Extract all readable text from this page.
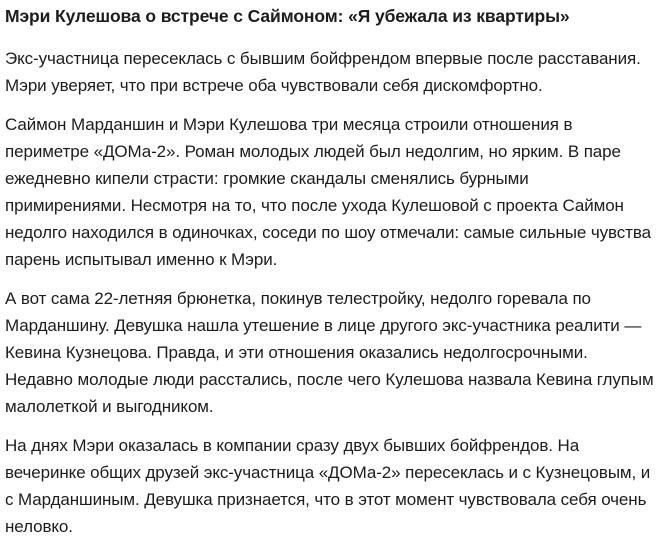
Мэри Кулешова о встрече с Саймоном: «Я убежала из квартиры»

Экс-участница пересеклась с бывшим бойфрендом впервые после расставания.
Мэри уверяет, что при встрече оба чувствовали себя дискомфортно.

Саймон Марданшин и Мэри Кулешова три месяца строили отношения в
периметре «ДОМа-2». Роман молодых людей был недолгим, но ярким. В паре
ежедневно кипели страсти: громкие скандалы сменялись бурными
примирениями. Несмотря на то, что после ухода Кулешовой с проекта Саймон
недолго находился в одиночках, соседи по шоу отмечали: самые сильные чувства
парень испытывал именно к Мэри.

А вот сама 22-летняя брюнетка, покинув телестройку, недолго горевала по
Марданшину. Девушка нашла утешение в лице другого экс-участника реалити —
Кевина Кузнецова. Правда, и эти отношения оказались недолгосрочными.
Недавно молодые люди расстались, после чего Кулешова назвала Кевина глупым
малолеткой и выгодником.

На днях Мэри оказалась в компании сразу двух бывших бойфрендов. На
вечеринке общих друзей экс-участница «ДОМа-2» пересеклась и с Кузнецовым, и
с Марданшиным. Девушка признается, что в этот момент чувствовала себя очень
неловко.
